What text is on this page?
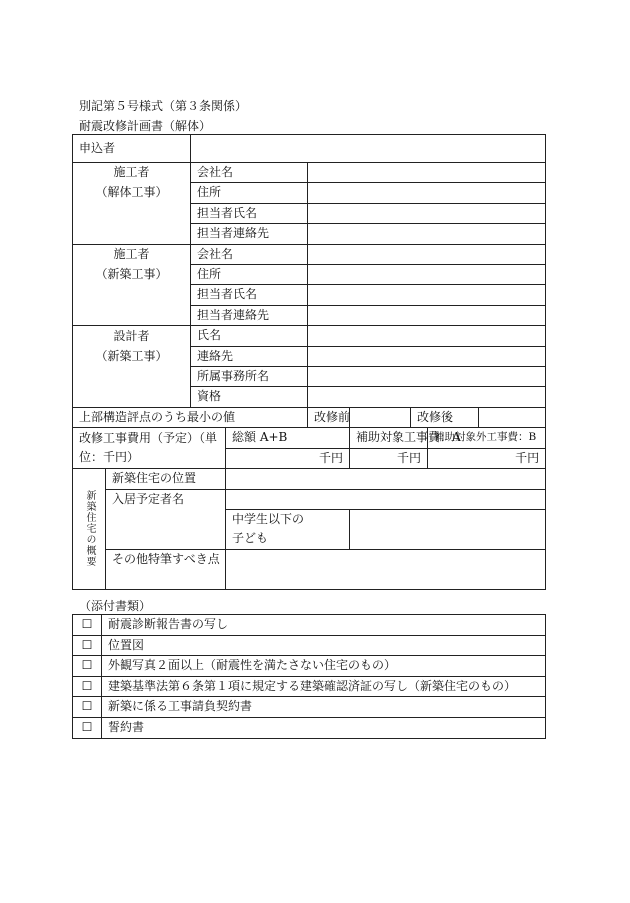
別記第５号様式（第３条関係）
耐震改修計画書（解体）
申込者								
施工者		会社名						
（解体工事）		住所						
		担当者氏名						
		担当者連絡先						
施工者		会社名						
（新築工事）		住所						
		担当者氏名						
		担当者連絡先						
設計者		氏名						
（新築工事）		連絡先						
		所属事務所名						
		資格						
上部構造評点のうち最小の値				改修前		改修後		
改修工事費用（予定）（単			総額 A+B		補助対象工事費：A		補助対象外工事費：B	
位：千円）			千円		千円		千円	

新築住宅の概要	新築住宅の位置							
	入居予定者名							
			中学生以下の					
			子ども					
	その他特筆すべき点							

（添付書類）
☐	耐震診断報告書の写し
☐	位置図
☐	外観写真２面以上（耐震性を満たさない住宅のもの）
☐	建築基準法第６条第１項に規定する建築確認済証の写し（新築住宅のもの）
☐	新築に係る工事請負契約書
☐	誓約書
